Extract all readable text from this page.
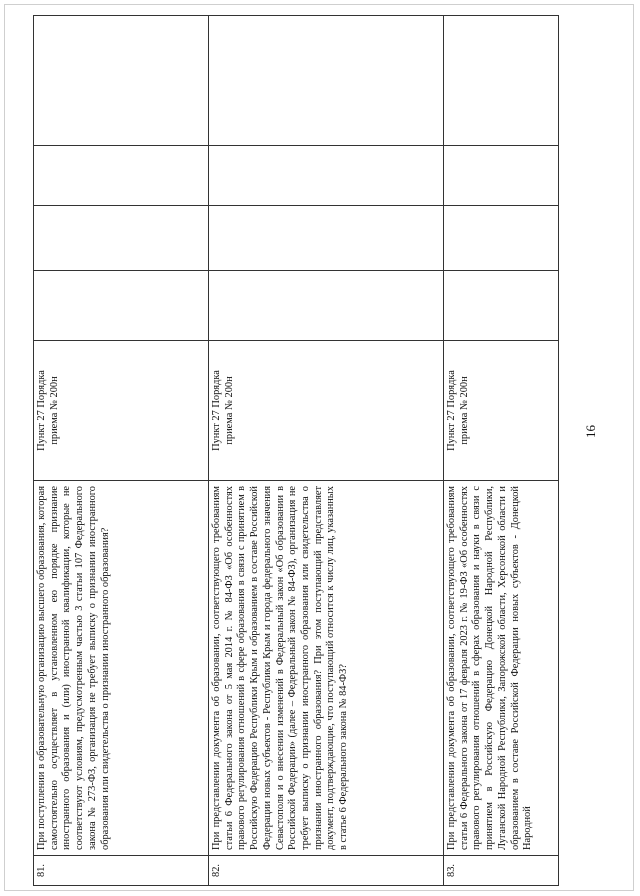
16
81.	При поступлении в образовательную организацию высшего образования, которая самостоятельно осуществляет в установленном ею порядке признание иностранного образования и (или) иностранной квалификации, которые не соответствуют условиям, предусмотренным частью 3 статьи 107 Федерального закона № 273-ФЗ, организация не требует выписку о признании иностранного образования или свидетельства о признании иностранного образования?	Пункт 27 Порядка приема № 200н				

82.	При представлении документа об образовании, соответствующего требованиям статьи 6 Федерального закона от 5 мая 2014 г. № 84-ФЗ «Об особенностях правового регулирования отношений в сфере образования в связи с принятием в Российскую Федерацию Республики Крым и образованием в составе Российской Федерации новых субъектов - Республики Крым и города федерального значения Севастополя и о внесении изменений в Федеральный закон «Об образовании в Российской Федерации» (далее – Федеральный закон № 84-ФЗ), организация не требует выписку о признании иностранного образования или свидетельства о признании иностранного образования? При этом поступающий представляет документ, подтверждающие, что поступающий относится к числу лиц, указанных в статье 6 Федерального закона № 84-ФЗ?	Пункт 27 Порядка приема № 200н				

83.	При представлении документа об образовании, соответствующего требованиям статьи 6 Федерального закона от 17 февраля 2023 г. № 19-ФЗ «Об особенностях правового регулирования отношений в сферах образования и науки в связи с принятием в Российскую Федерацию Донецкой Народной Республики, Луганской Народной Республики, Запорожской области, Херсонской области и образованием в составе Российской Федерации новых субъектов - Донецкой Народной	Пункт 27 Порядка приема № 200н				
